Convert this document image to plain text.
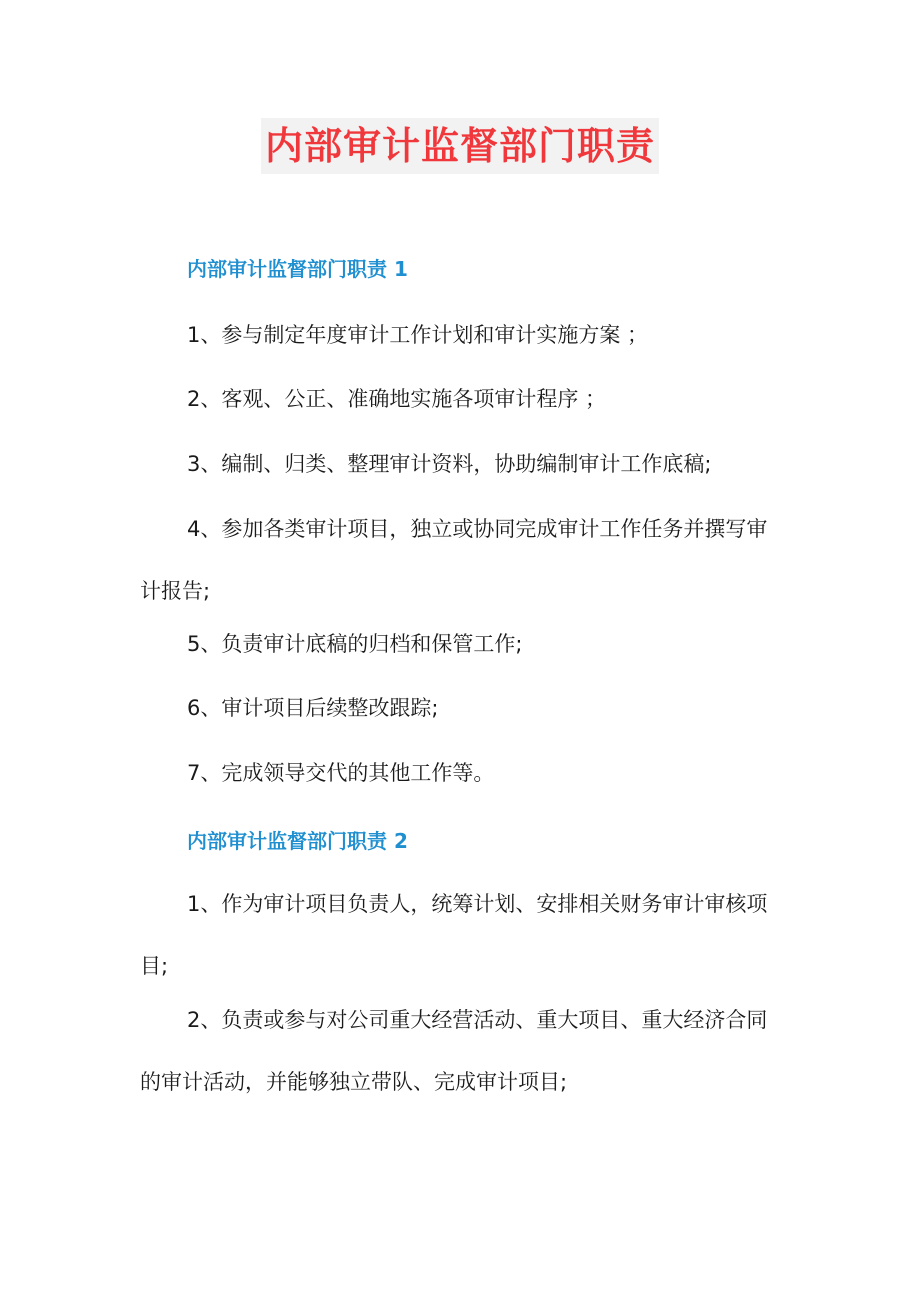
内部审计监督部门职责
内部审计监督部门职责 1
1、参与制定年度审计工作计划和审计实施方案 ；
2、客观、公正、准确地实施各项审计程序 ；
3、编制、归类、整理审计资料，协助编制审计工作底稿;
4、参加各类审计项目，独立或协同完成审计工作任务并撰写审计报告;
5、负责审计底稿的归档和保管工作;
6、审计项目后续整改跟踪;
7、完成领导交代的其他工作等。
内部审计监督部门职责 2
1、作为审计项目负责人，统筹计划、安排相关财务审计审核项目;
2、负责或参与对公司重大经营活动、重大项目、重大经济合同的审计活动，并能够独立带队、完成审计项目;
